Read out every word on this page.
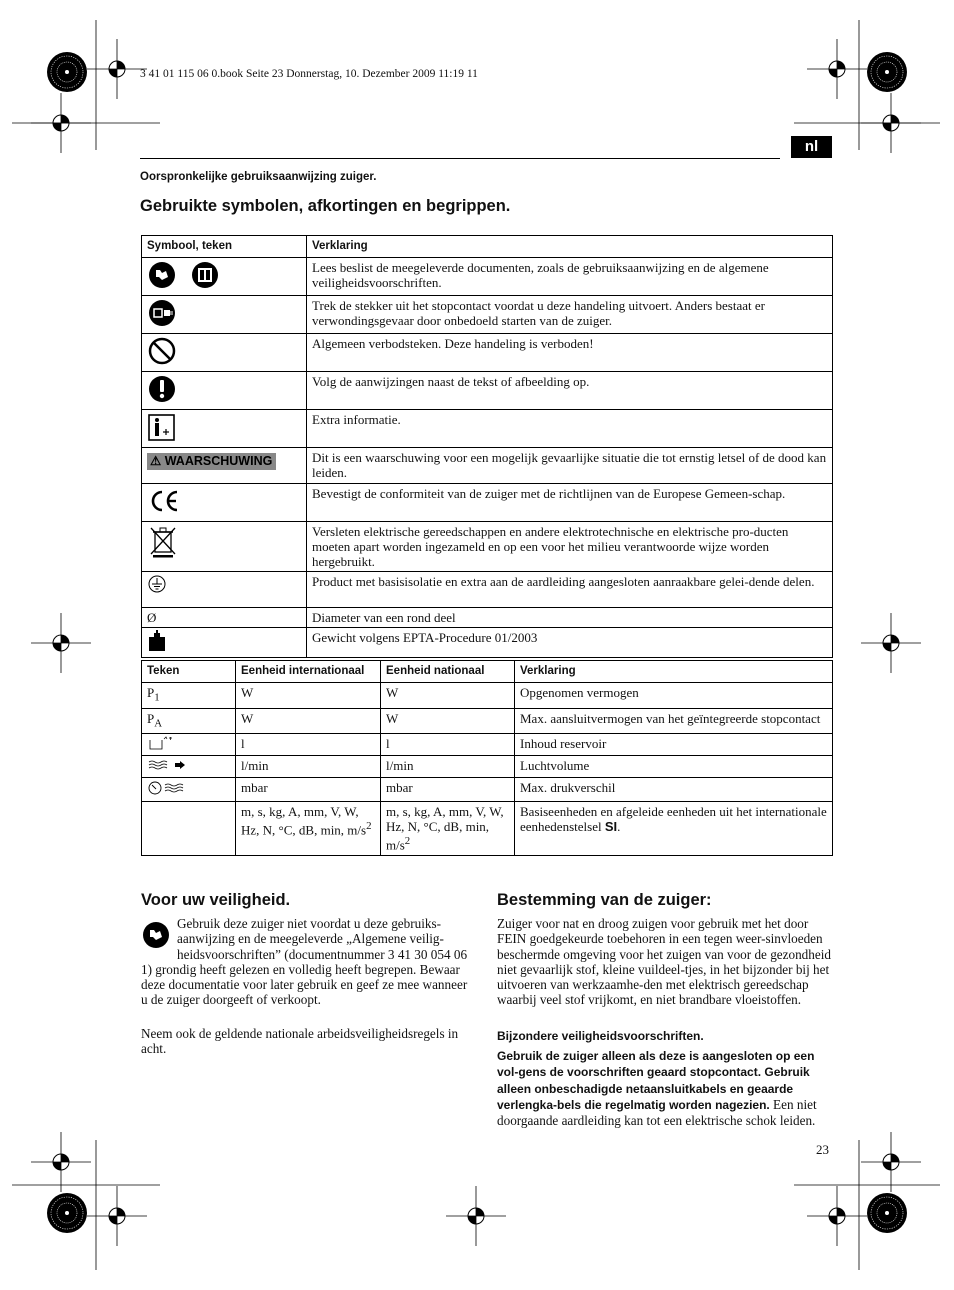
3 41 01 115 06 0.book Seite 23 Donnerstag, 10. Dezember 2009 11:19 11
nl
Oorspronkelijke gebruiksaanwijzing zuiger.
Gebruikte symbolen, afkortingen en begrippen.
Symbool, teken	Verklaring
	Lees beslist de meegeleverde documenten, zoals de gebruiksaanwijzing en de algemene veiligheidsvoorschriften.
	Trek de stekker uit het stopcontact voordat u deze handeling uitvoert. Anders bestaat er verwondingsgevaar door onbedoeld starten van de zuiger.
	Algemeen verbodsteken. Deze handeling is verboden!
	Volg de aanwijzingen naast de tekst of afbeelding op.
	Extra informatie.
⚠ WAARSCHUWING	Dit is een waarschuwing voor een mogelijk gevaarlijke situatie die tot ernstig letsel of de dood kan leiden.
	Bevestigt de conformiteit van de zuiger met de richtlijnen van de Europese Gemeen-schap.
	Versleten elektrische gereedschappen en andere elektrotechnische en elektrische pro-ducten moeten apart worden ingezameld en op een voor het milieu verantwoorde wijze worden hergebruikt.
	Product met basisisolatie en extra aan de aardleiding aangesloten aanraakbare gelei-dende delen.
Ø	Diameter van een rond deel
	Gewicht volgens EPTA-Procedure 01/2003
Teken	Eenheid internationaal	Eenheid nationaal	Verklaring
$P_1$	W	W	Opgenomen vermogen
$P_A$	W	W	Max. aansluitvermogen van het geïntegreerde stopcontact
	l	l	Inhoud reservoir
	l/min	l/min	Luchtvolume
	mbar	mbar	Max. drukverschil
	m, s, kg, A, mm, V, W, Hz, N, °C, dB, min, $m/s^2$	m, s, kg, A, mm, V, W, Hz, N, °C, dB, min, $m/s^2$	Basiseenheden en afgeleide eenheden uit het internationale eenhedenstelsel SI.
Voor uw veiligheid.
Gebruik deze zuiger niet voordat u deze gebruiks-aanwijzing en de meegeleverde „Algemene veilig-heidsvoorschriften” (documentnummer 3 41 30 054 06 1) grondig heeft gelezen en volledig heeft begrepen. Bewaar deze documentatie voor later gebruik en geef ze mee wanneer u de zuiger doorgeeft of verkoopt.
Neem ook de geldende nationale arbeidsveiligheidsregels in acht.
Bestemming van de zuiger:
Zuiger voor nat en droog zuigen voor gebruik met het door FEIN goedgekeurde toebehoren in een tegen weer-sinvloeden beschermde omgeving voor het zuigen van voor de gezondheid niet gevaarlijk stof, kleine vuildeel-tjes, in het bijzonder bij het uitvoeren van werkzaamhe-den met elektrisch gereedschap waarbij veel stof vrijkomt, en niet brandbare vloeistoffen.
Bijzondere veiligheidsvoorschriften.
Gebruik de zuiger alleen als deze is aangesloten op een vol-gens de voorschriften geaard stopcontact. Gebruik alleen onbeschadigde netaansluitkabels en geaarde verlengka-bels die regelmatig worden nagezien. Een niet doorgaande aardleiding kan tot een elektrische schok leiden.
23
